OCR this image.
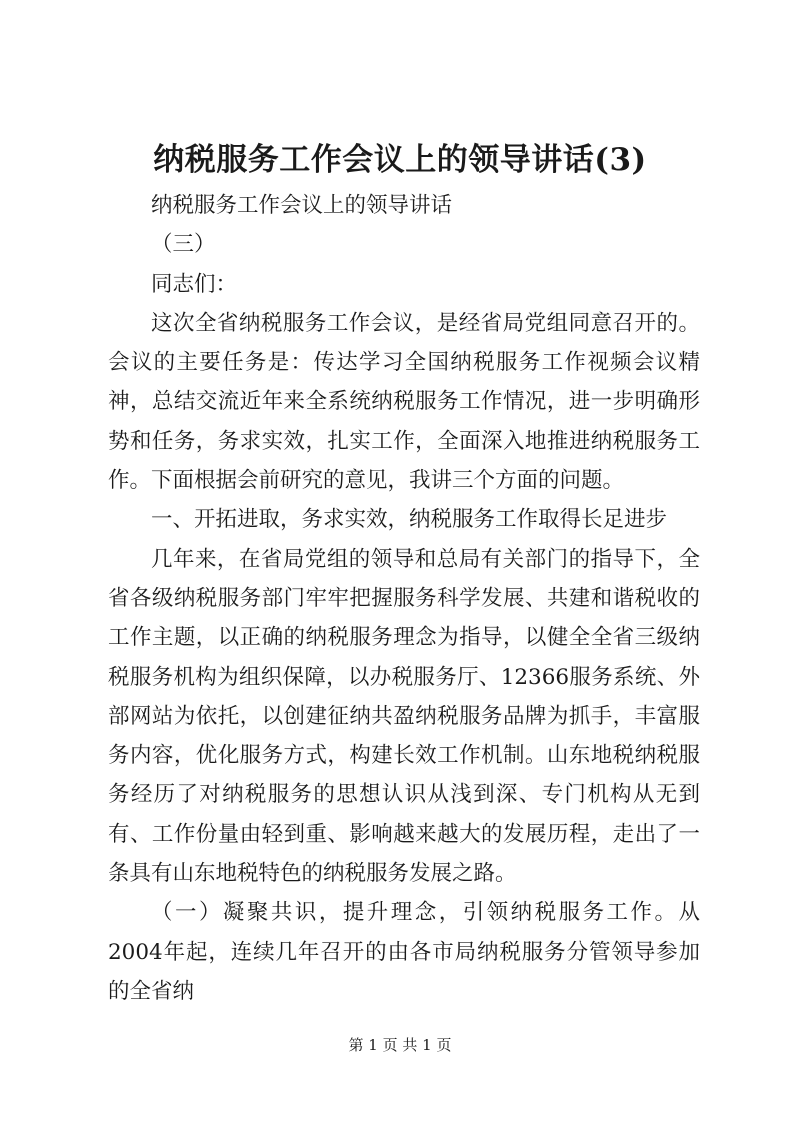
纳税服务工作会议上的领导讲话(3)

纳税服务工作会议上的领导讲话

（三）

同志们：

这次全省纳税服务工作会议，是经省局党组同意召开的。会议的主要任务是：传达学习全国纳税服务工作视频会议精神，总结交流近年来全系统纳税服务工作情况，进一步明确形势和任务，务求实效，扎实工作，全面深入地推进纳税服务工作。下面根据会前研究的意见，我讲三个方面的问题。

一、开拓进取，务求实效，纳税服务工作取得长足进步

几年来，在省局党组的领导和总局有关部门的指导下，全省各级纳税服务部门牢牢把握服务科学发展、共建和谐税收的工作主题，以正确的纳税服务理念为指导，以健全全省三级纳税服务机构为组织保障，以办税服务厅、12366服务系统、外部网站为依托，以创建征纳共盈纳税服务品牌为抓手，丰富服务内容，优化服务方式，构建长效工作机制。山东地税纳税服务经历了对纳税服务的思想认识从浅到深、专门机构从无到有、工作份量由轻到重、影响越来越大的发展历程，走出了一条具有山东地税特色的纳税服务发展之路。

（一）凝聚共识，提升理念，引领纳税服务工作。从2004年起，连续几年召开的由各市局纳税服务分管领导参加的全省纳

第 1 页 共 1 页
